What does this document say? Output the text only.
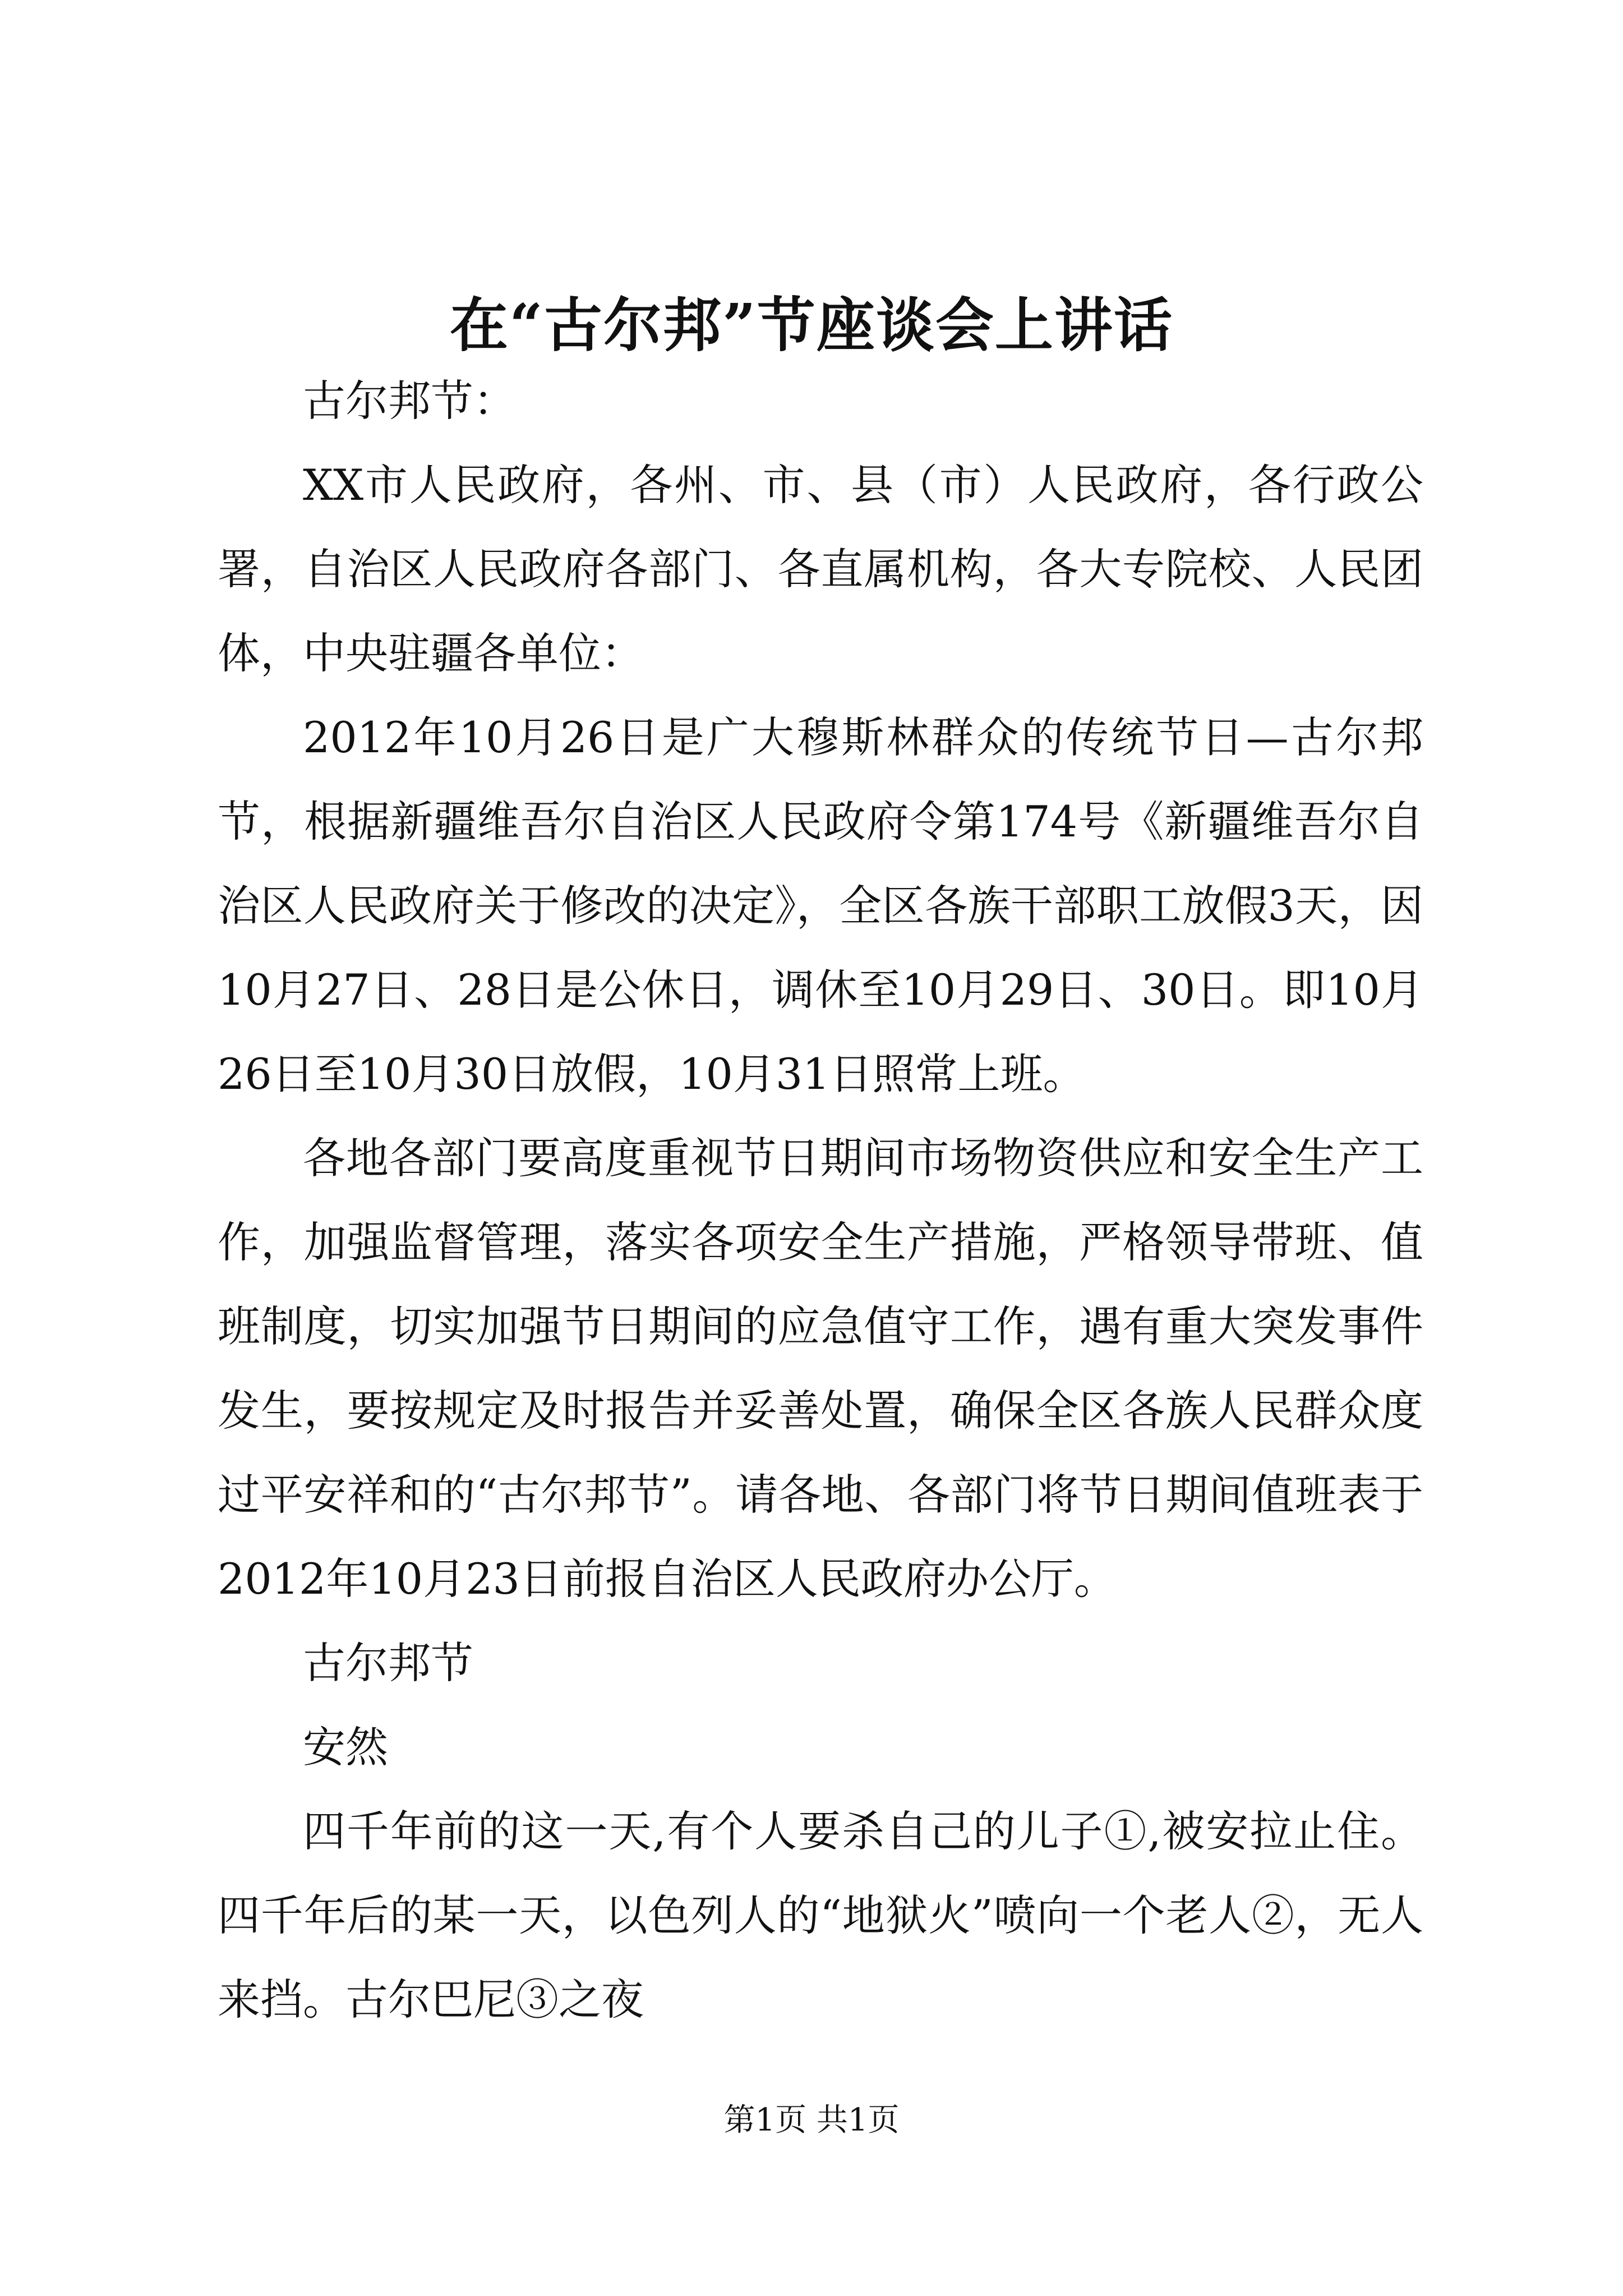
在“古尔邦”节座谈会上讲话

古尔邦节：

XX市人民政府，各州、市、县（市）人民政府，各行政公署，自治区人民政府各部门、各直属机构，各大专院校、人民团体，中央驻疆各单位：

2012年10月26日是广大穆斯林群众的传统节日—古尔邦节，根据新疆维吾尔自治区人民政府令第174号《新疆维吾尔自治区人民政府关于修改的决定》，全区各族干部职工放假3天，因10月27日、28日是公休日，调休至10月29日、30日。即10月26日至10月30日放假，10月31日照常上班。

各地各部门要高度重视节日期间市场物资供应和安全生产工作，加强监督管理，落实各项安全生产措施，严格领导带班、值班制度，切实加强节日期间的应急值守工作，遇有重大突发事件发生，要按规定及时报告并妥善处置，确保全区各族人民群众度过平安祥和的“古尔邦节”。请各地、各部门将节日期间值班表于2012年10月23日前报自治区人民政府办公厅。

古尔邦节

安然

四千年前的这一天,有个人要杀自己的儿子①,被安拉止住。四千年后的某一天，以色列人的“地狱火”喷向一个老人②，无人来挡。古尔巴尼③之夜

第1页 共1页
